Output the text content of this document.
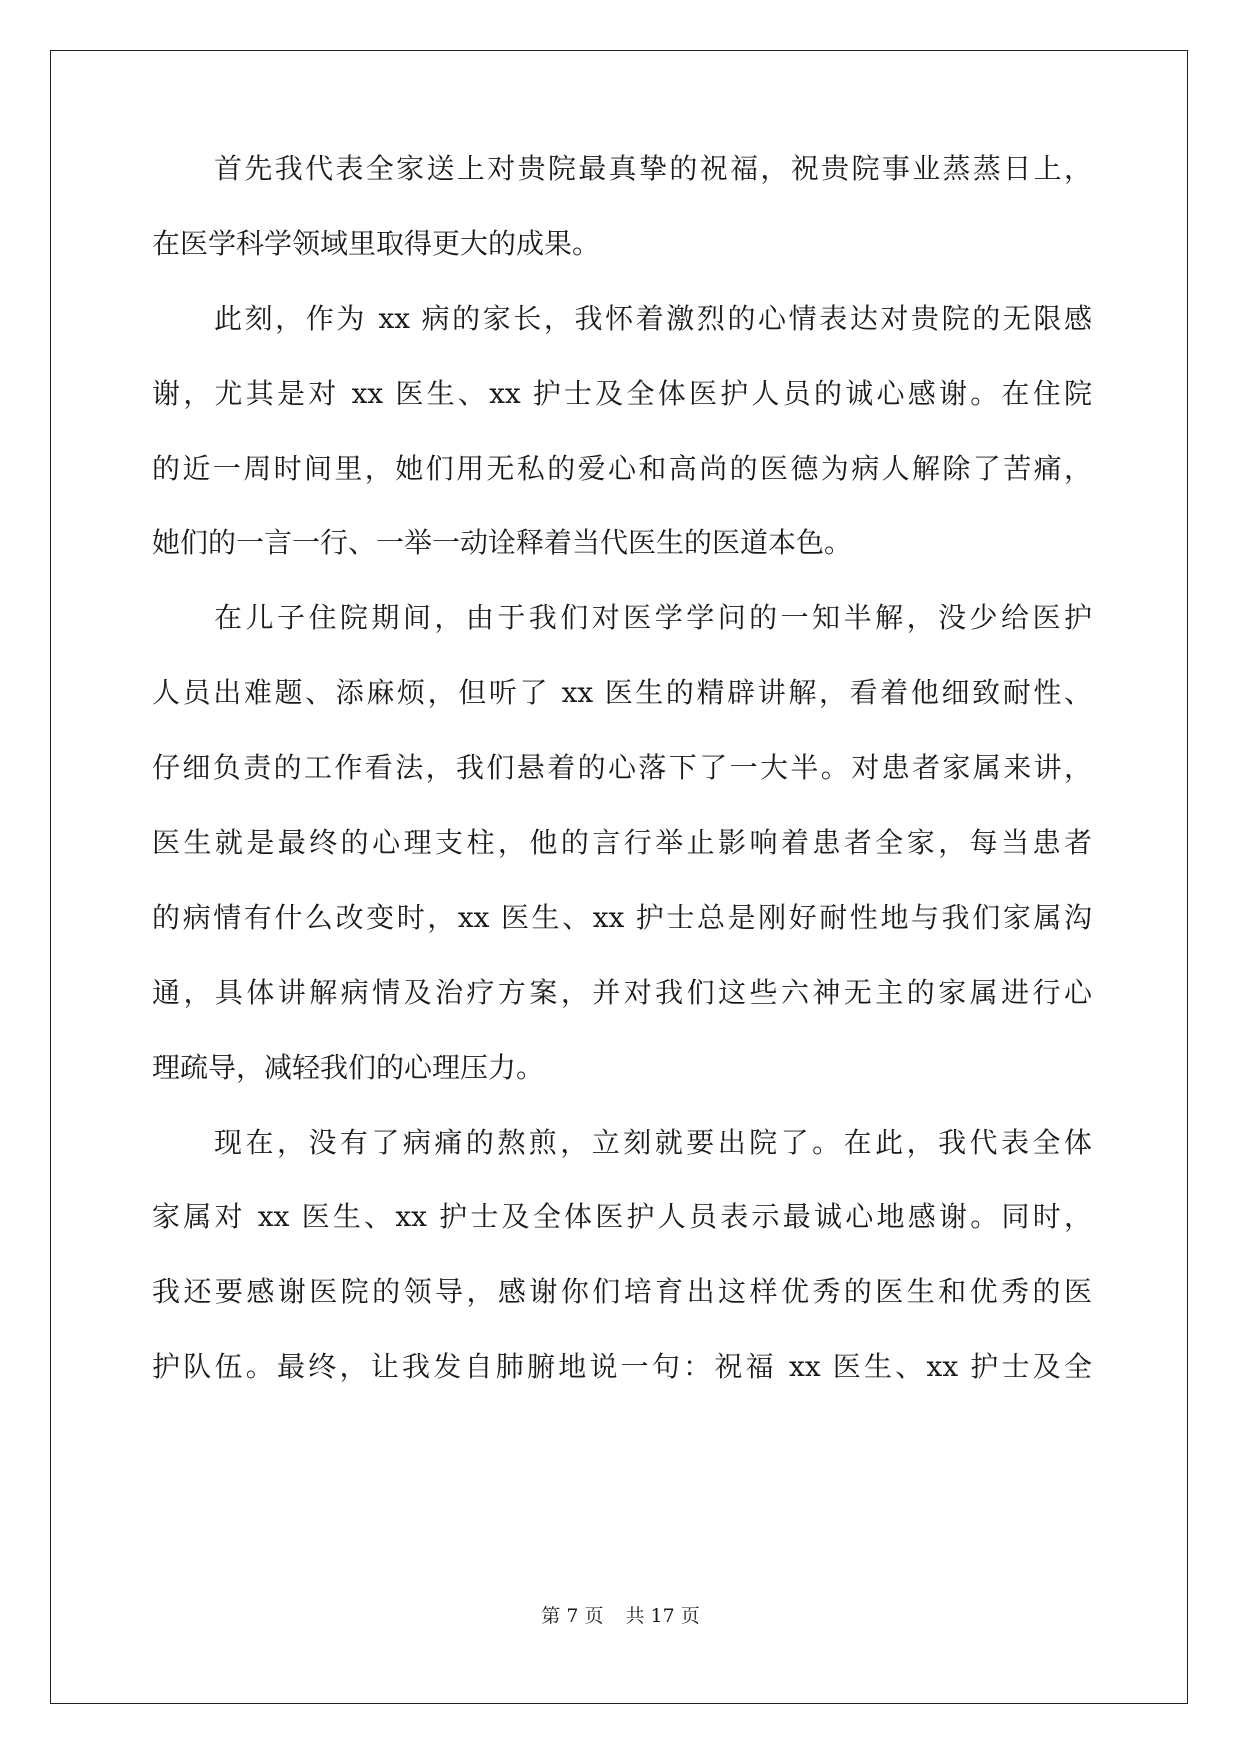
首先我代表全家送上对贵院最真挚的祝福，祝贵院事业蒸蒸日上，
在医学科学领域里取得更大的成果。
此刻，作为 xx 病的家长，我怀着激烈的心情表达对贵院的无限感
谢，尤其是对 xx 医生、xx 护士及全体医护人员的诚心感谢。在住院
的近一周时间里，她们用无私的爱心和高尚的医德为病人解除了苦痛，
她们的一言一行、一举一动诠释着当代医生的医道本色。
在儿子住院期间，由于我们对医学学问的一知半解，没少给医护
人员出难题、添麻烦，但听了 xx 医生的精辟讲解，看着他细致耐性、
仔细负责的工作看法，我们悬着的心落下了一大半。对患者家属来讲，
医生就是最终的心理支柱，他的言行举止影响着患者全家，每当患者
的病情有什么改变时，xx 医生、xx 护士总是刚好耐性地与我们家属沟
通，具体讲解病情及治疗方案，并对我们这些六神无主的家属进行心
理疏导，减轻我们的心理压力。
现在，没有了病痛的熬煎，立刻就要出院了。在此，我代表全体
家属对 xx 医生、xx 护士及全体医护人员表示最诚心地感谢。同时，
我还要感谢医院的领导，感谢你们培育出这样优秀的医生和优秀的医
护队伍。最终，让我发自肺腑地说一句：祝福 xx 医生、xx 护士及全
第 7 页 共 17 页
